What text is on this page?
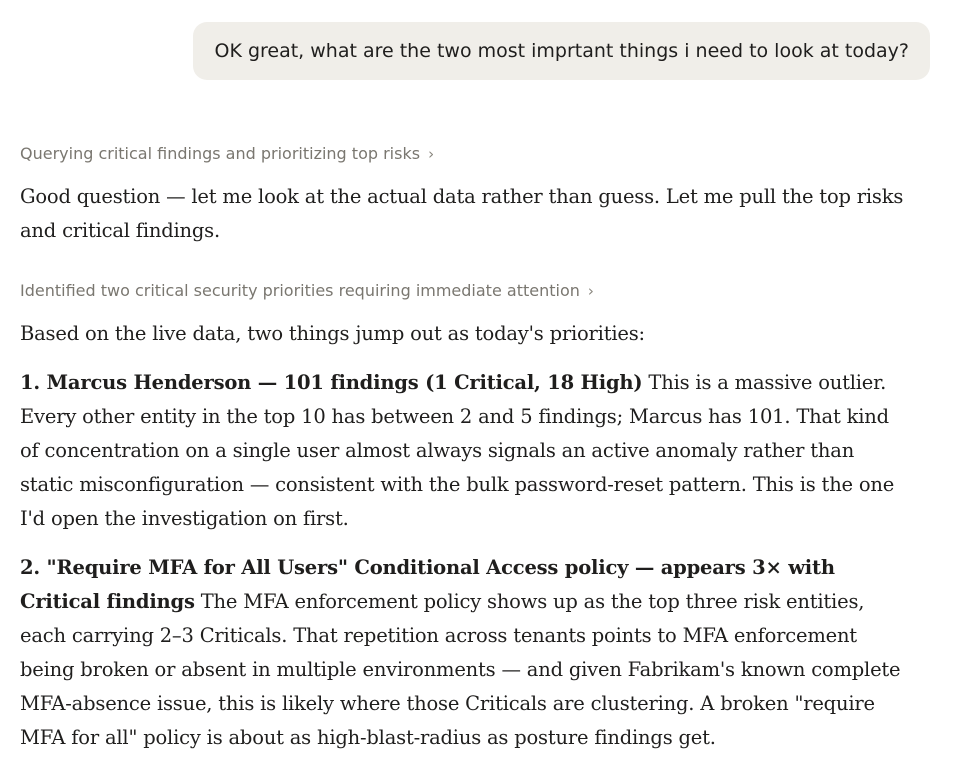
OK great, what are the two most imprtant things i need to look at today?
Querying critical findings and prioritizing top risks ›

Good question — let me look at the actual data rather than guess. Let me pull the top risks and critical findings.

Identified two critical security priorities requiring immediate attention ›

Based on the live data, two things jump out as today's priorities:

1. Marcus Henderson — 101 findings (1 Critical, 18 High) This is a massive outlier. Every other entity in the top 10 has between 2 and 5 findings; Marcus has 101. That kind of concentration on a single user almost always signals an active anomaly rather than static misconfiguration — consistent with the bulk password-reset pattern. This is the one I'd open the investigation on first.

2. "Require MFA for All Users" Conditional Access policy — appears 3× with Critical findings The MFA enforcement policy shows up as the top three risk entities, each carrying 2–3 Criticals. That repetition across tenants points to MFA enforcement being broken or absent in multiple environments — and given Fabrikam's known complete MFA-absence issue, this is likely where those Criticals are clustering. A broken "require MFA for all" policy is about as high-blast-radius as posture findings get.
